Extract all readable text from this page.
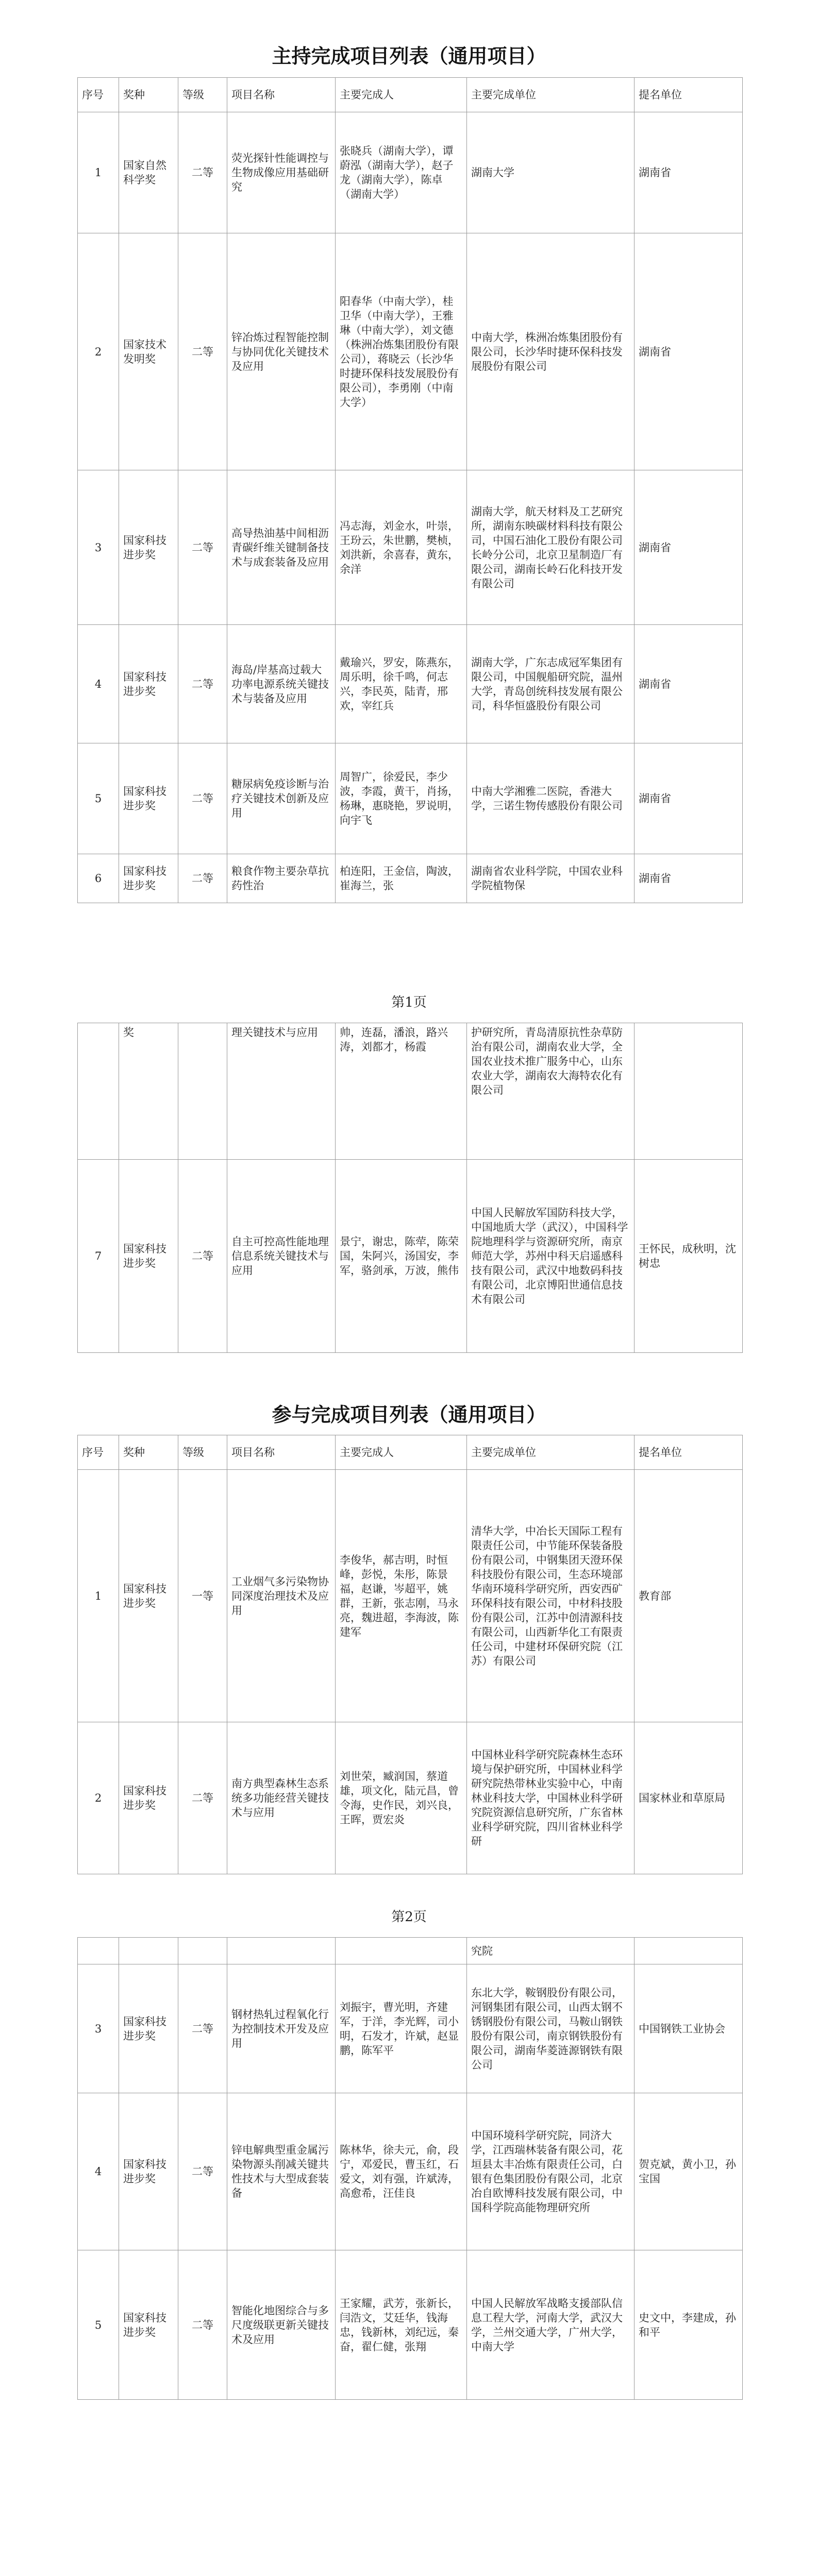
主持完成项目列表（通用项目）
序号	奖种	等级	项目名称	主要完成人	主要完成单位	提名单位
1	国家自然科学奖	二等	荧光探针性能调控与生物成像应用基础研究	张晓兵（湖南大学），谭蔚泓（湖南大学），赵子龙（湖南大学），陈卓（湖南大学）	湖南大学	湖南省
2	国家技术发明奖	二等	锌冶炼过程智能控制与协同优化关键技术及应用	阳春华（中南大学），桂卫华（中南大学），王雅琳（中南大学），刘文德（株洲冶炼集团股份有限公司），蒋晓云（长沙华时捷环保科技发展股份有限公司），李勇刚（中南大学）	中南大学，株洲冶炼集团股份有限公司，长沙华时捷环保科技发展股份有限公司	湖南省
3	国家科技进步奖	二等	高导热油基中间相沥青碳纤维关键制备技术与成套装备及应用	冯志海，刘金水，叶崇，王玢云，朱世鹏，樊桢，刘洪新，余喜春，黄东，余洋	湖南大学，航天材料及工艺研究所，湖南东映碳材料科技有限公司，中国石油化工股份有限公司长岭分公司，北京卫星制造厂有限公司，湖南长岭石化科技开发有限公司	湖南省
4	国家科技进步奖	二等	海岛/岸基高过载大功率电源系统关键技术与装备及应用	戴瑜兴，罗安，陈燕东，周乐明，徐千鸣，何志兴，李民英，陆青，邢欢，宰红兵	湖南大学，广东志成冠军集团有限公司，中国舰船研究院，温州大学，青岛创统科技发展有限公司，科华恒盛股份有限公司	湖南省
5	国家科技进步奖	二等	糖尿病免疫诊断与治疗关键技术创新及应用	周智广，徐爱民，李少波，李霞，黄干，肖扬，杨琳，惠晓艳，罗说明，向宇飞	中南大学湘雅二医院，香港大学，三诺生物传感股份有限公司	湖南省
6	国家科技进步奖	二等	粮食作物主要杂草抗药性治	柏连阳，王金信，陶波，崔海兰，张	湖南省农业科学院，中国农业科学院植物保	湖南省
第1页
	奖		理关键技术与应用	帅，连磊，潘浪，路兴涛，刘都才，杨霞	护研究所，青岛清原抗性杂草防治有限公司，湖南农业大学，全国农业技术推广服务中心，山东农业大学，湖南农大海特农化有限公司	
7	国家科技进步奖	二等	自主可控高性能地理信息系统关键技术与应用	景宁，谢忠，陈荦，陈荣国，朱阿兴，汤国安，李军，骆剑承，万波，熊伟	中国人民解放军国防科技大学，中国地质大学（武汉），中国科学院地理科学与资源研究所，南京师范大学，苏州中科天启遥感科技有限公司，武汉中地数码科技有限公司，北京博阳世通信息技术有限公司	王怀民，成秋明，沈树忠
参与完成项目列表（通用项目）
序号	奖种	等级	项目名称	主要完成人	主要完成单位	提名单位
1	国家科技进步奖	一等	工业烟气多污染物协同深度治理技术及应用	李俊华，郝吉明，时恒峰，彭悦，朱彤，陈景福，赵谦，岑超平，姚群，王新，张志刚，马永亮，魏进超，李海波，陈建军	清华大学，中冶长天国际工程有限责任公司，中节能环保装备股份有限公司，中钢集团天澄环保科技股份有限公司，生态环境部华南环境科学研究所，西安西矿环保科技有限公司，中材科技股份有限公司，江苏中创清源科技有限公司，山西新华化工有限责任公司，中建材环保研究院（江苏）有限公司	教育部
2	国家科技进步奖	二等	南方典型森林生态系统多功能经营关键技术与应用	刘世荣，臧润国，蔡道雄，项文化，陆元昌，曾令海，史作民，刘兴良，王晖，贾宏炎	中国林业科学研究院森林生态环境与保护研究所，中国林业科学研究院热带林业实验中心，中南林业科技大学，中国林业科学研究院资源信息研究所，广东省林业科学研究院，四川省林业科学研	国家林业和草原局
第2页
					究院	
3	国家科技进步奖	二等	钢材热轧过程氧化行为控制技术开发及应用	刘振宇，曹光明，齐建军，于洋，李光辉，司小明，石发才，许斌，赵显鹏，陈军平	东北大学，鞍钢股份有限公司，河钢集团有限公司，山西太钢不锈钢股份有限公司，马鞍山钢铁股份有限公司，南京钢铁股份有限公司，湖南华菱涟源钢铁有限公司	中国钢铁工业协会
4	国家科技进步奖	二等	锌电解典型重金属污染物源头削减关键共性技术与大型成套装备	陈林华，徐夫元，俞，段宁，邓爱民，曹玉红，石爱文，刘有强，许斌涛，高愈希，汪佳良	中国环境科学研究院，同济大学，江西瑞林装备有限公司，花垣县太丰冶炼有限责任公司，白银有色集团股份有限公司，北京冶自欧博科技发展有限公司，中国科学院高能物理研究所	贺克斌，黄小卫，孙宝国
5	国家科技进步奖	二等	智能化地图综合与多尺度级联更新关键技术及应用	王家耀，武芳，张新长，闫浩文，艾廷华，钱海忠，钱新林，刘纪远，秦奋，翟仁健，张翔	中国人民解放军战略支援部队信息工程大学，河南大学，武汉大学，兰州交通大学，广州大学，中南大学	史文中，李建成，孙和平
